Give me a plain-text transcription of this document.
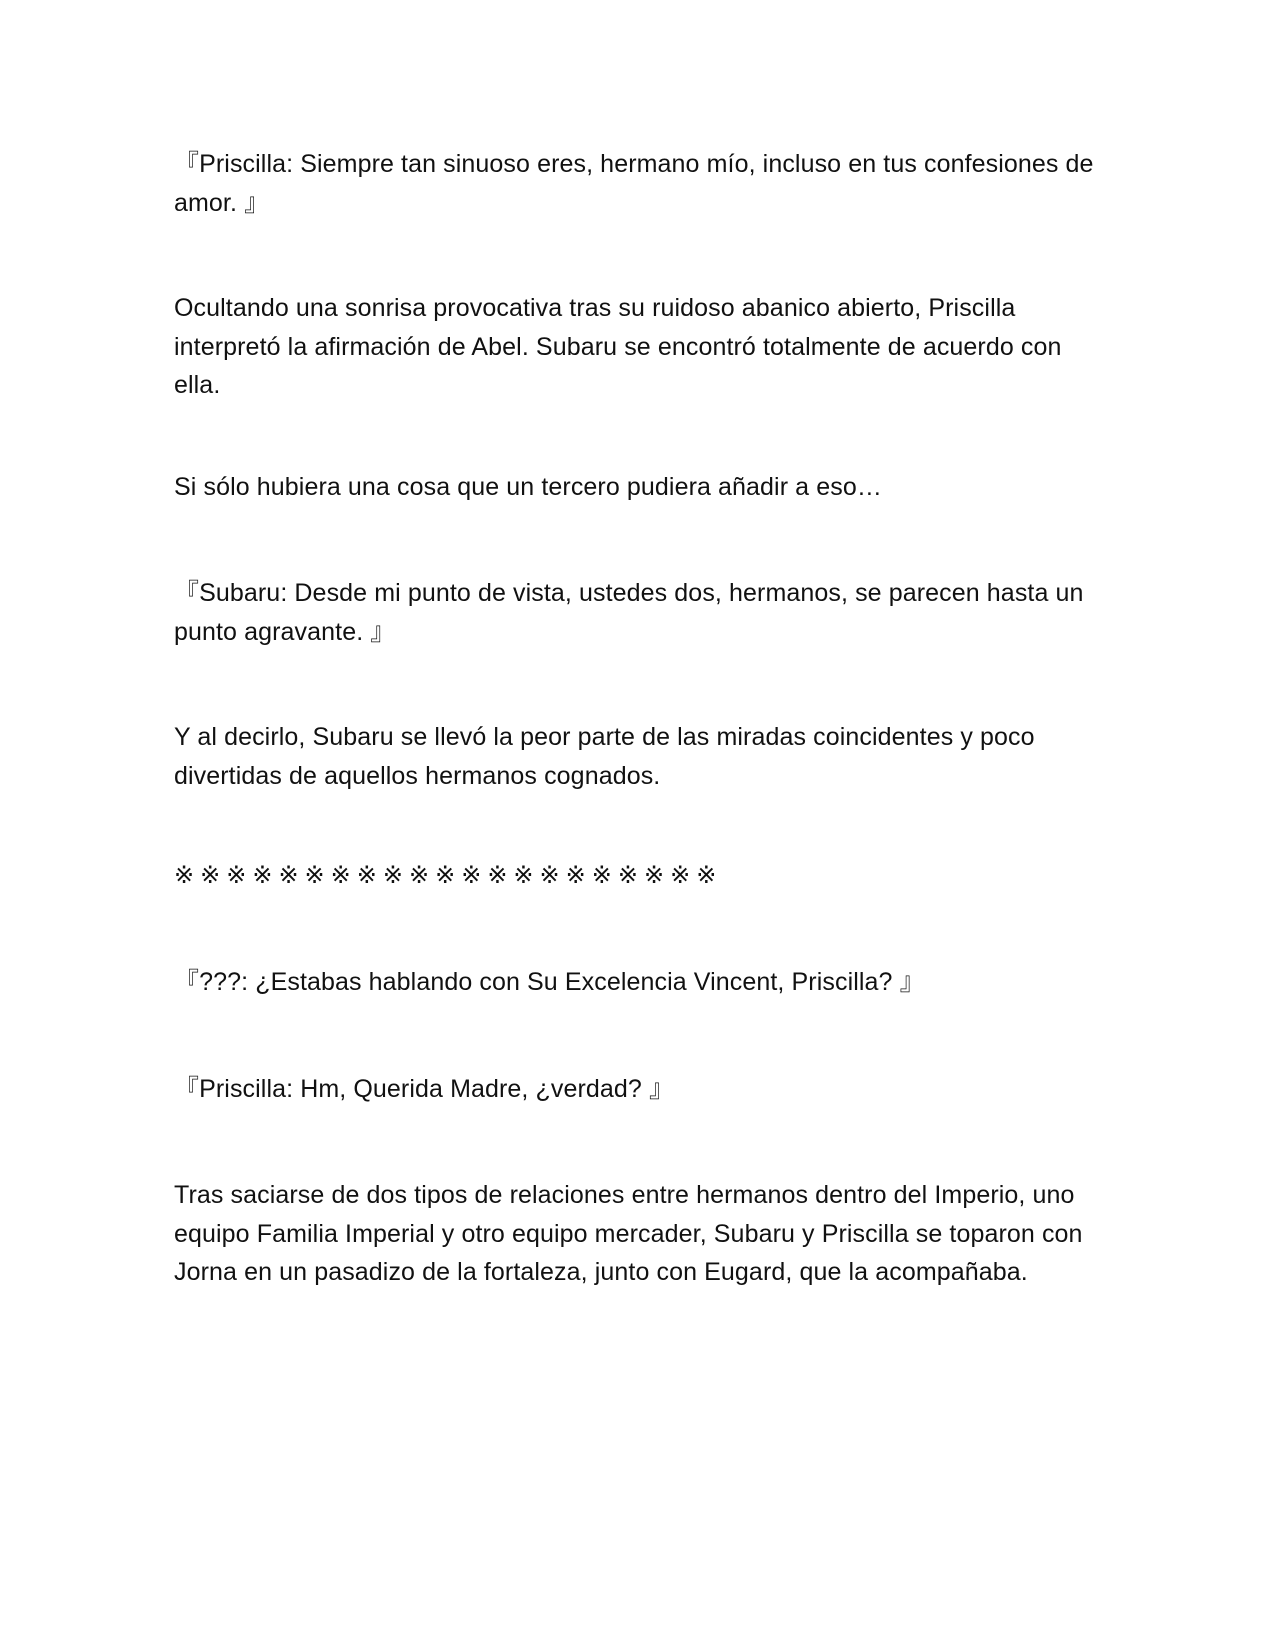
『Priscilla: Siempre tan sinuoso eres, hermano mío, incluso en tus confesiones de amor. 』

Ocultando una sonrisa provocativa tras su ruidoso abanico abierto, Priscilla interpretó la afirmación de Abel. Subaru se encontró totalmente de acuerdo con ella.

Si sólo hubiera una cosa que un tercero pudiera añadir a eso…

『Subaru: Desde mi punto de vista, ustedes dos, hermanos, se parecen hasta un punto agravante. 』

Y al decirlo, Subaru se llevó la peor parte de las miradas coincidentes y poco divertidas de aquellos hermanos cognados.

※※※※※※※※※※※※※※※※※※※※※

『???: ¿Estabas hablando con Su Excelencia Vincent, Priscilla? 』

『Priscilla: Hm, Querida Madre, ¿verdad? 』

Tras saciarse de dos tipos de relaciones entre hermanos dentro del Imperio, uno equipo Familia Imperial y otro equipo mercader, Subaru y Priscilla se toparon con Jorna en un pasadizo de la fortaleza, junto con Eugard, que la acompañaba.
